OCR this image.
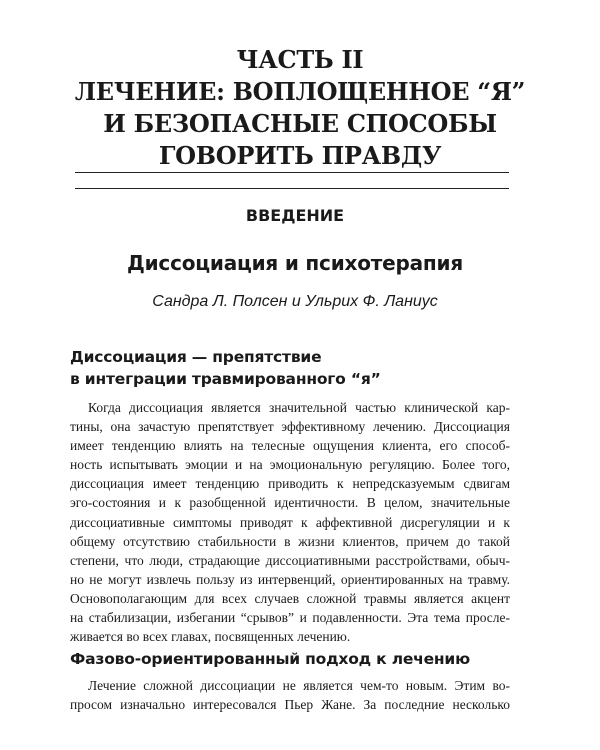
ЧАСТЬ II
ЛЕЧЕНИЕ: ВОПЛОЩЕННОЕ “Я”
И БЕЗОПАСНЫЕ СПОСОБЫ
ГОВОРИТЬ ПРАВДУ
ВВЕДЕНИЕ
Диссоциация и психотерапия
Сандра Л. Полсен и Ульрих Ф. Ланиус
Диссоциация — препятствие
в интеграции травмированного “я”
Когда диссоциация является значительной частью клинической кар-
тины, она зачастую препятствует эффективному лечению. Диссоциация
имеет тенденцию влиять на телесные ощущения клиента, его способ-
ность испытывать эмоции и на эмоциональную регуляцию. Более того,
диссоциация имеет тенденцию приводить к непредсказуемым сдвигам
эго-состояния и к разобщенной идентичности. В целом, значительные
диссоциативные симптомы приводят к аффективной дисрегуляции и к
общему отсутствию стабильности в жизни клиентов, причем до такой
степени, что люди, страдающие диссоциативными расстройствами, обыч-
но не могут извлечь пользу из интервенций, ориентированных на травму.
Основополагающим для всех случаев сложной травмы является акцент
на стабилизации, избегании “срывов” и подавленности. Эта тема просле-
живается во всех главах, посвященных лечению.
Фазово-ориентированный подход к лечению
Лечение сложной диссоциации не является чем-то новым. Этим во-
просом изначально интересовался Пьер Жане. За последние несколько
